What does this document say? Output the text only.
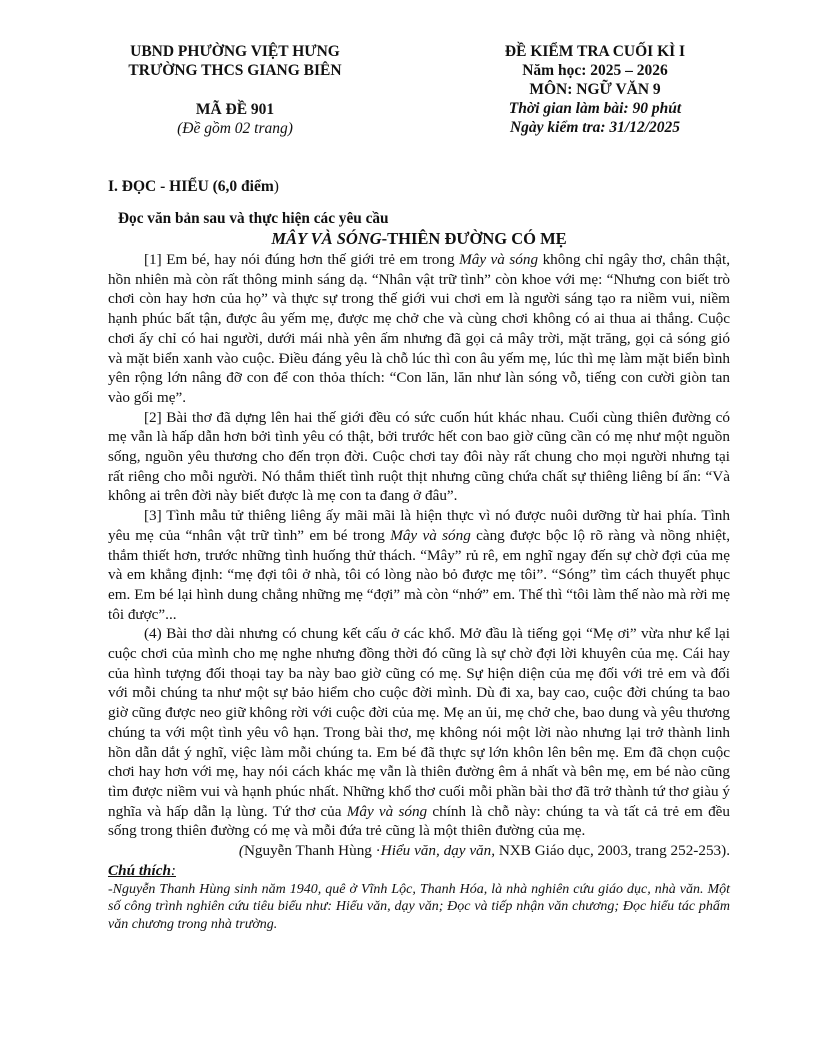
UBND PHƯỜNG VIỆT HƯNG
TRƯỜNG THCS GIANG BIÊN
MÃ ĐỀ 901
(Đề gồm 02 trang)
ĐỀ KIỂM TRA CUỐI KÌ I
Năm học: 2025 – 2026
MÔN: NGỮ VĂN 9
Thời gian làm bài: 90 phút
Ngày kiểm tra: 31/12/2025
I. ĐỌC - HIỂU (6,0 điểm)
Đọc văn bản sau và thực hiện các yêu cầu
MÂY VÀ SÓNG-THIÊN ĐƯỜNG CÓ MẸ

[1] Em bé, hay nói đúng hơn thế giới trẻ em trong Mây và sóng không chỉ ngây thơ, chân thật, hồn nhiên mà còn rất thông minh sáng dạ. “Nhân vật trữ tình” còn khoe với mẹ: “Nhưng con biết trò chơi còn hay hơn của họ” và thực sự trong thế giới vui chơi em là người sáng tạo ra niềm vui, niềm hạnh phúc bất tận, được âu yếm mẹ, được mẹ chở che và cùng chơi không có ai thua ai thắng. Cuộc chơi ấy chỉ có hai người, dưới mái nhà yên ấm nhưng đã gọi cả mây trời, mặt trăng, gọi cả sóng gió và mặt biển xanh vào cuộc. Điều đáng yêu là chỗ lúc thì con âu yếm mẹ, lúc thì mẹ làm mặt biển bình yên rộng lớn nâng đỡ con để con thỏa thích: “Con lăn, lăn như làn sóng vỗ, tiếng con cười giòn tan vào gối mẹ”.

[2] Bài thơ đã dựng lên hai thế giới đều có sức cuốn hút khác nhau. Cuối cùng thiên đường có mẹ vẫn là hấp dẫn hơn bởi tình yêu có thật, bởi trước hết con bao giờ cũng cần có mẹ như một nguồn sống, nguồn yêu thương cho đến trọn đời. Cuộc chơi tay đôi này rất chung cho mọi người nhưng tại rất riêng cho mỗi người. Nó thắm thiết tình ruột thịt nhưng cũng chứa chất sự thiêng liêng bí ẩn: “Và không ai trên đời này biết được là mẹ con ta đang ở đâu”.

[3] Tình mẫu tử thiêng liêng ấy mãi mãi là hiện thực vì nó được nuôi dưỡng từ hai phía. Tình yêu mẹ của “nhân vật trữ tình” em bé trong Mây và sóng càng được bộc lộ rõ ràng và nồng nhiệt, thắm thiết hơn, trước những tình huống thử thách. “Mây” rủ rê, em nghĩ ngay đến sự chờ đợi của mẹ và em khẳng định: “mẹ đợi tôi ở nhà, tôi có lòng nào bỏ được mẹ tôi”. “Sóng” tìm cách thuyết phục em. Em bé lại hình dung chẳng những mẹ “đợi” mà còn “nhớ” em. Thế thì “tôi làm thế nào mà rời mẹ tôi được”...

(4) Bài thơ dài nhưng có chung kết cấu ở các khổ. Mở đầu là tiếng gọi “Mẹ ơi” vừa như kể lại cuộc chơi của mình cho mẹ nghe nhưng đồng thời đó cũng là sự chờ đợi lời khuyên của mẹ. Cái hay của hình tượng đối thoại tay ba này bao giờ cũng có mẹ. Sự hiện diện của mẹ đối với trẻ em và đối với mỗi chúng ta như một sự bảo hiểm cho cuộc đời mình. Dù đi xa, bay cao, cuộc đời chúng ta bao giờ cũng được neo giữ không rời với cuộc đời của mẹ. Mẹ an ủi, mẹ chở che, bao dung và yêu thương chúng ta với một tình yêu vô hạn. Trong bài thơ, mẹ không nói một lời nào nhưng lại trở thành linh hồn dẫn dắt ý nghĩ, việc làm mỗi chúng ta. Em bé đã thực sự lớn khôn lên bên mẹ. Em đã chọn cuộc chơi hay hơn với mẹ, hay nói cách khác mẹ vẫn là thiên đường êm ả nhất và bên mẹ, em bé nào cũng tìm được niềm vui và hạnh phúc nhất. Những khổ thơ cuối mỗi phần bài thơ đã trở thành tứ thơ giàu ý nghĩa và hấp dẫn lạ lùng. Tứ thơ của Mây và sóng chính là chỗ này: chúng ta và tất cả trẻ em đều sống trong thiên đường có mẹ và mỗi đứa trẻ cũng là một thiên đường của mẹ.

(Nguyễn Thanh Hùng ·Hiểu văn, dạy văn, NXB Giáo dục, 2003, trang 252-253).

Chú thích:

-Nguyễn Thanh Hùng sinh năm 1940, quê ở Vĩnh Lộc, Thanh Hóa, là nhà nghiên cứu giáo dục, nhà văn. Một số công trình nghiên cứu tiêu biểu như: Hiểu văn, dạy văn; Đọc và tiếp nhận văn chương; Đọc hiểu tác phẩm văn chương trong nhà trường.
